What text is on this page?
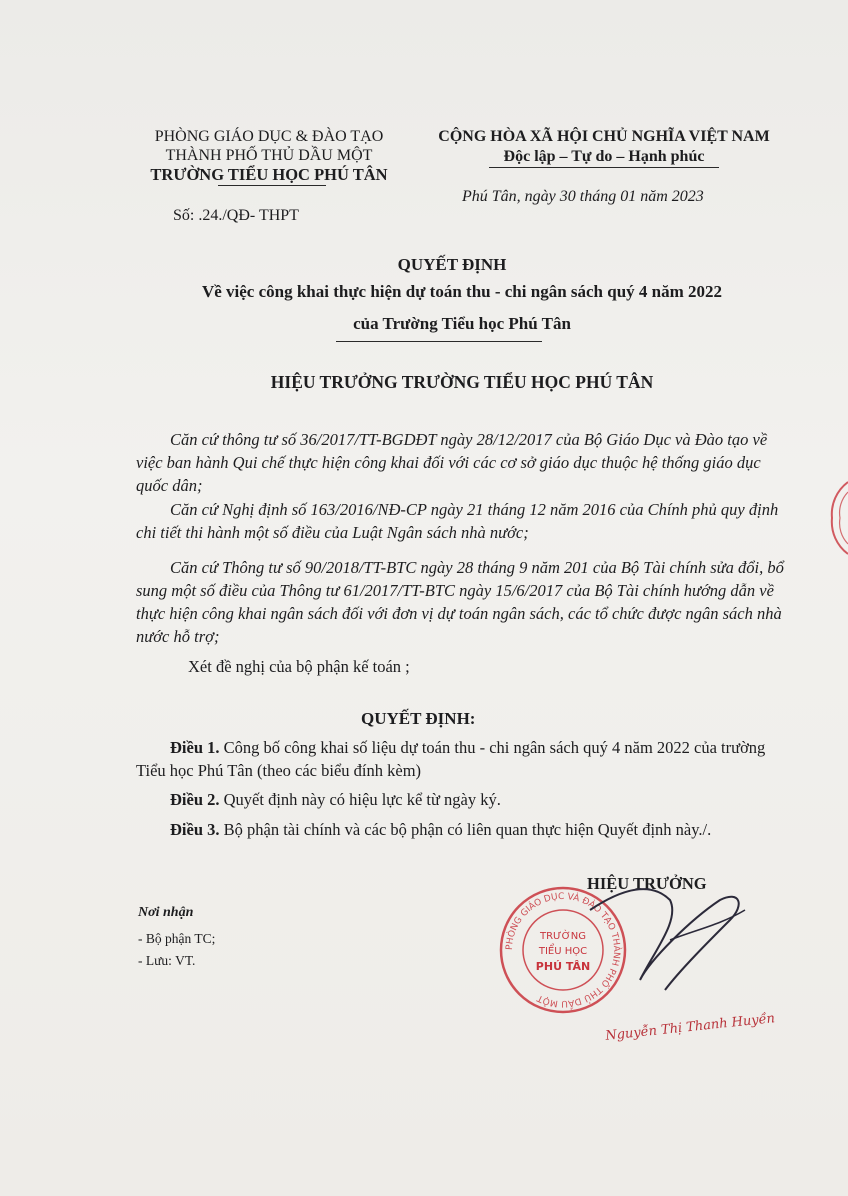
PHÒNG GIÁO DỤC & ĐÀO TẠO
THÀNH PHỐ THỦ DẦU MỘT
TRƯỜNG TIỂU HỌC PHÚ TÂN
Số: .24./QĐ- THPT
CỘNG HÒA XÃ HỘI CHỦ NGHĨA VIỆT NAM
Độc lập – Tự do – Hạnh phúc
Phú Tân, ngày 30 tháng 01 năm 2023
QUYẾT ĐỊNH
Về việc công khai thực hiện dự toán thu - chi ngân sách quý 4 năm 2022
của Trường Tiểu học Phú Tân
HIỆU TRƯỞNG TRƯỜNG TIỂU HỌC PHÚ TÂN
Căn cứ thông tư số 36/2017/TT-BGDĐT ngày 28/12/2017 của Bộ Giáo Dục và Đào tạo về việc ban hành Qui chế thực hiện công khai đối với các cơ sở giáo dục thuộc hệ thống giáo dục quốc dân;
Căn cứ Nghị định số 163/2016/NĐ-CP ngày 21 tháng 12 năm 2016 của Chính phủ quy định chi tiết thi hành một số điều của Luật Ngân sách nhà nước;
Căn cứ Thông tư số 90/2018/TT-BTC ngày 28 tháng 9 năm 201 của Bộ Tài chính sửa đổi, bổ sung một số điều của Thông tư 61/2017/TT-BTC ngày 15/6/2017 của Bộ Tài chính hướng dẫn về thực hiện công khai ngân sách đối với đơn vị dự toán ngân sách, các tổ chức được ngân sách nhà nước hỗ trợ;
Xét đề nghị của bộ phận kế toán ;
QUYẾT ĐỊNH:
Điều 1. Công bố công khai số liệu dự toán thu - chi ngân sách quý 4 năm 2022 của trường Tiểu học Phú Tân (theo các biểu đính kèm)
Điều 2. Quyết định này có hiệu lực kể từ ngày ký.
Điều 3. Bộ phận tài chính và các bộ phận có liên quan thực hiện Quyết định này./.
Nơi nhận
- Bộ phận TC;
- Lưu: VT.
HIỆU TRƯỞNG
PHÒNG GIÁO DỤC VÀ ĐÀO TẠO THÀNH PHỐ THỦ DẦU MỘT
TRƯỜNG
TIỂU HỌC
PHÚ TÂN
Nguyễn Thị Thanh Huyền
